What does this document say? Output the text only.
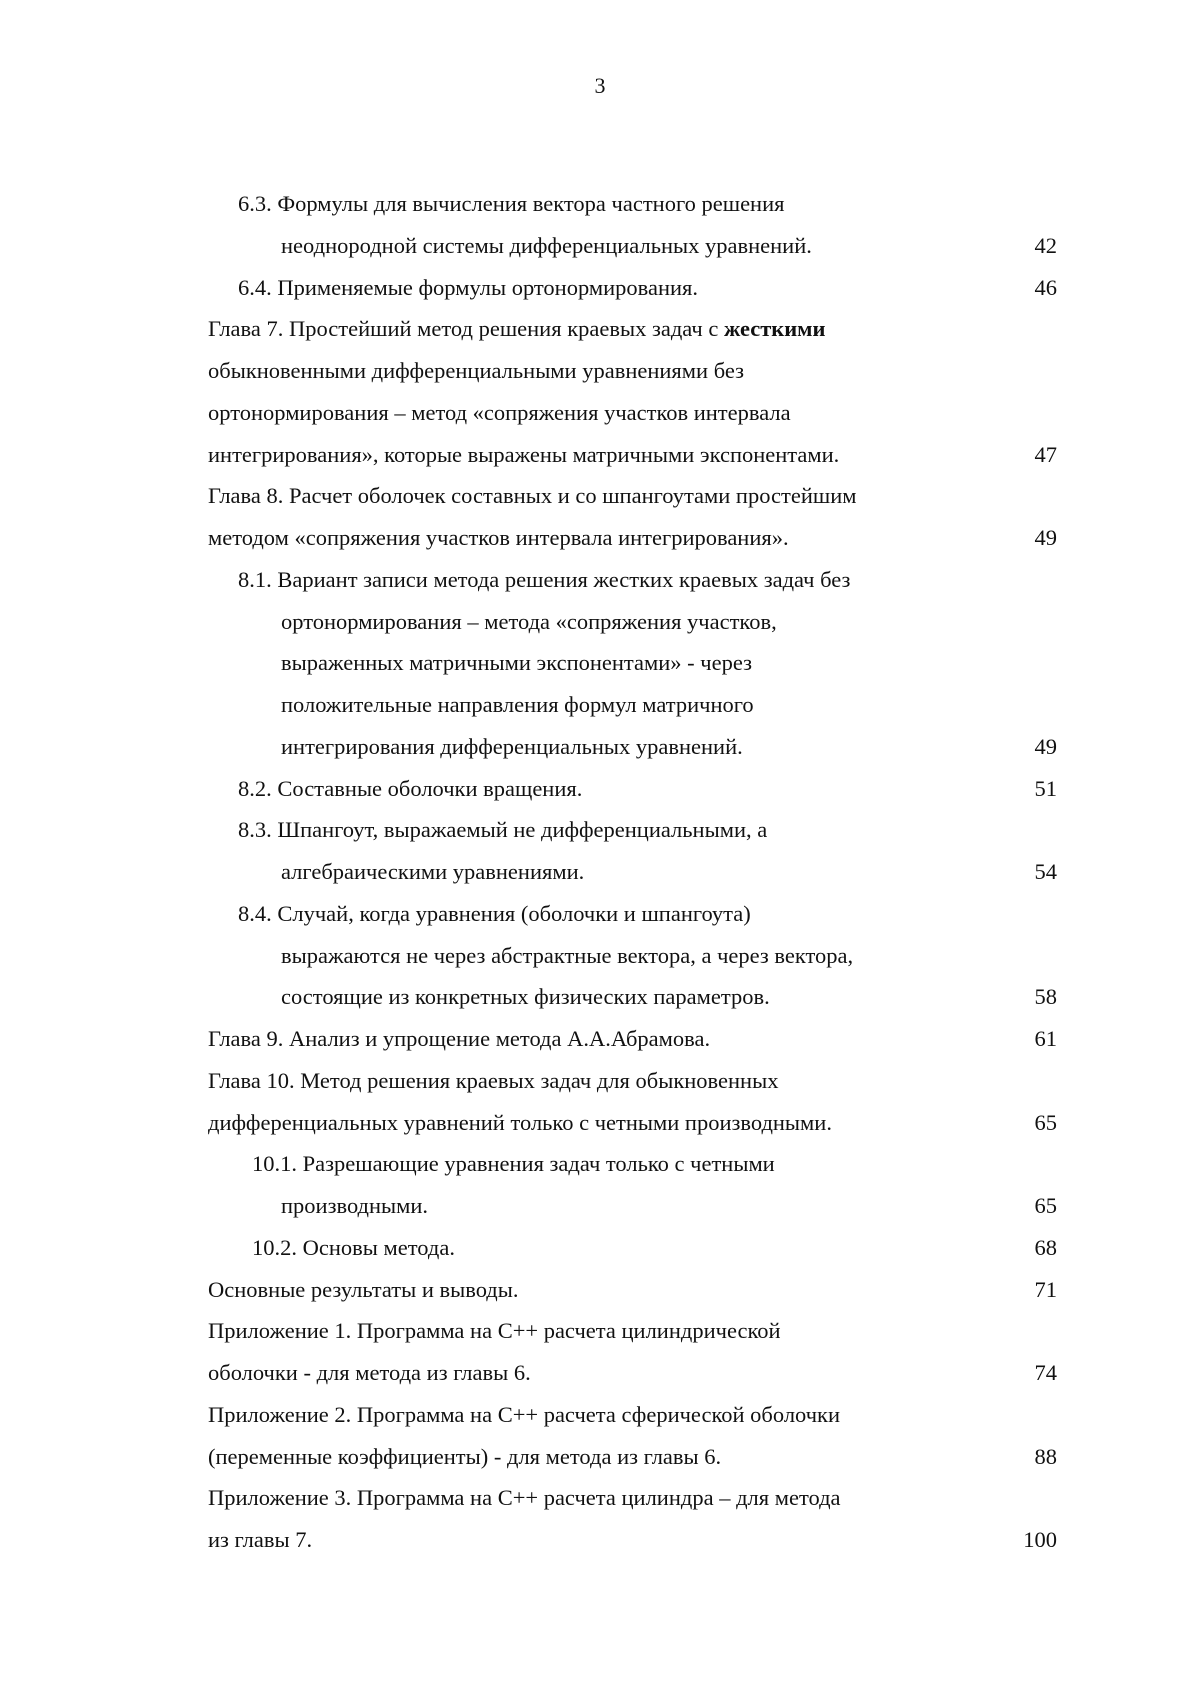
3
6.3. Формулы для вычисления вектора частного решения
неоднородной системы дифференциальных уравнений.	42
6.4. Применяемые формулы ортонормирования.	46
Глава 7. Простейший метод решения краевых задач с жесткими
обыкновенными дифференциальными уравнениями без
ортонормирования – метод «сопряжения участков интервала
интегрирования», которые выражены матричными экспонентами.	47
Глава 8. Расчет оболочек составных и со шпангоутами простейшим
методом «сопряжения участков интервала интегрирования».	49
8.1. Вариант записи метода решения жестких краевых задач без
ортонормирования – метода «сопряжения участков,
выраженных матричными экспонентами» - через
положительные направления формул матричного
интегрирования дифференциальных уравнений.	49
8.2. Составные оболочки вращения.	51
8.3. Шпангоут, выражаемый не дифференциальными, а
алгебраическими уравнениями.	54
8.4. Случай, когда уравнения (оболочки и шпангоута)
выражаются не через абстрактные вектора, а через вектора,
состоящие из конкретных физических параметров.	58
Глава 9. Анализ и упрощение метода А.А.Абрамова.	61
Глава 10. Метод решения краевых задач для обыкновенных
дифференциальных уравнений только с четными производными.	65
10.1. Разрешающие уравнения задач только с четными
производными.	65
10.2. Основы метода.	68
Основные результаты и выводы.	71
Приложение 1. Программа на С++ расчета цилиндрической
оболочки - для метода из главы 6.	74
Приложение 2. Программа на С++ расчета сферической оболочки
(переменные коэффициенты) - для метода из главы 6.	88
Приложение 3. Программа на С++ расчета цилиндра – для метода
из главы 7.	100
